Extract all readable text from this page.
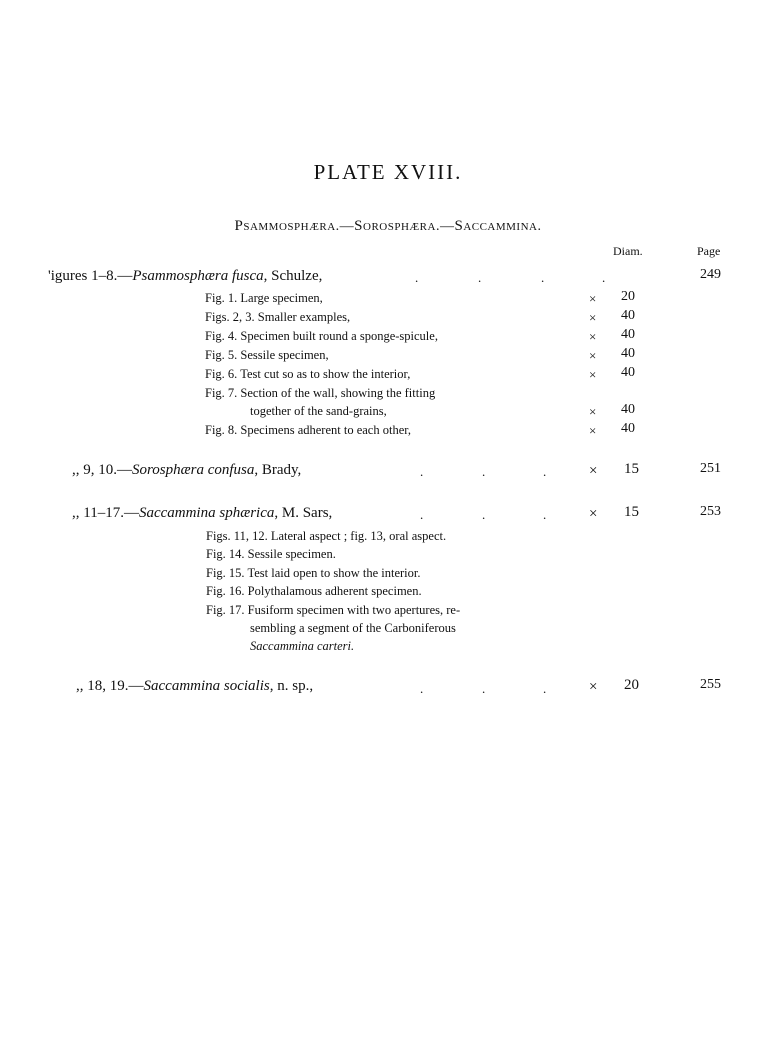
PLATE XVIII.
PSAMMOSPHÆRA.—SOROSPHÆRA.—SACCAMMINA.
Diam.	Page
'igures 1–8.—Psammosphæra fusca, Schulze,	.	.	.	.	249
Fig. 1. Large specimen,	× 20
Figs. 2, 3. Smaller examples,	× 40
Fig. 4. Specimen built round a sponge-spicule,	× 40
Fig. 5. Sessile specimen,	× 40
Fig. 6. Test cut so as to show the interior,	× 40
Fig. 7. Section of the wall, showing the fitting
together of the sand-grains,	× 40
Fig. 8. Specimens adherent to each other,	× 40
,, 9, 10.—Sorosphæra confusa, Brady,	.	.	.	× 15	251
,, 11–17.—Saccammina sphærica, M. Sars,	.	.	.	× 15	253
Figs. 11, 12. Lateral aspect ; fig. 13, oral aspect.
Fig. 14. Sessile specimen.
Fig. 15. Test laid open to show the interior.
Fig. 16. Polythalamous adherent specimen.
Fig. 17. Fusiform specimen with two apertures, re-
sembling a segment of the Carboniferous
Saccammina carteri.
,, 18, 19.—Saccammina socialis, n. sp.,	.	.	.	× 20	255
